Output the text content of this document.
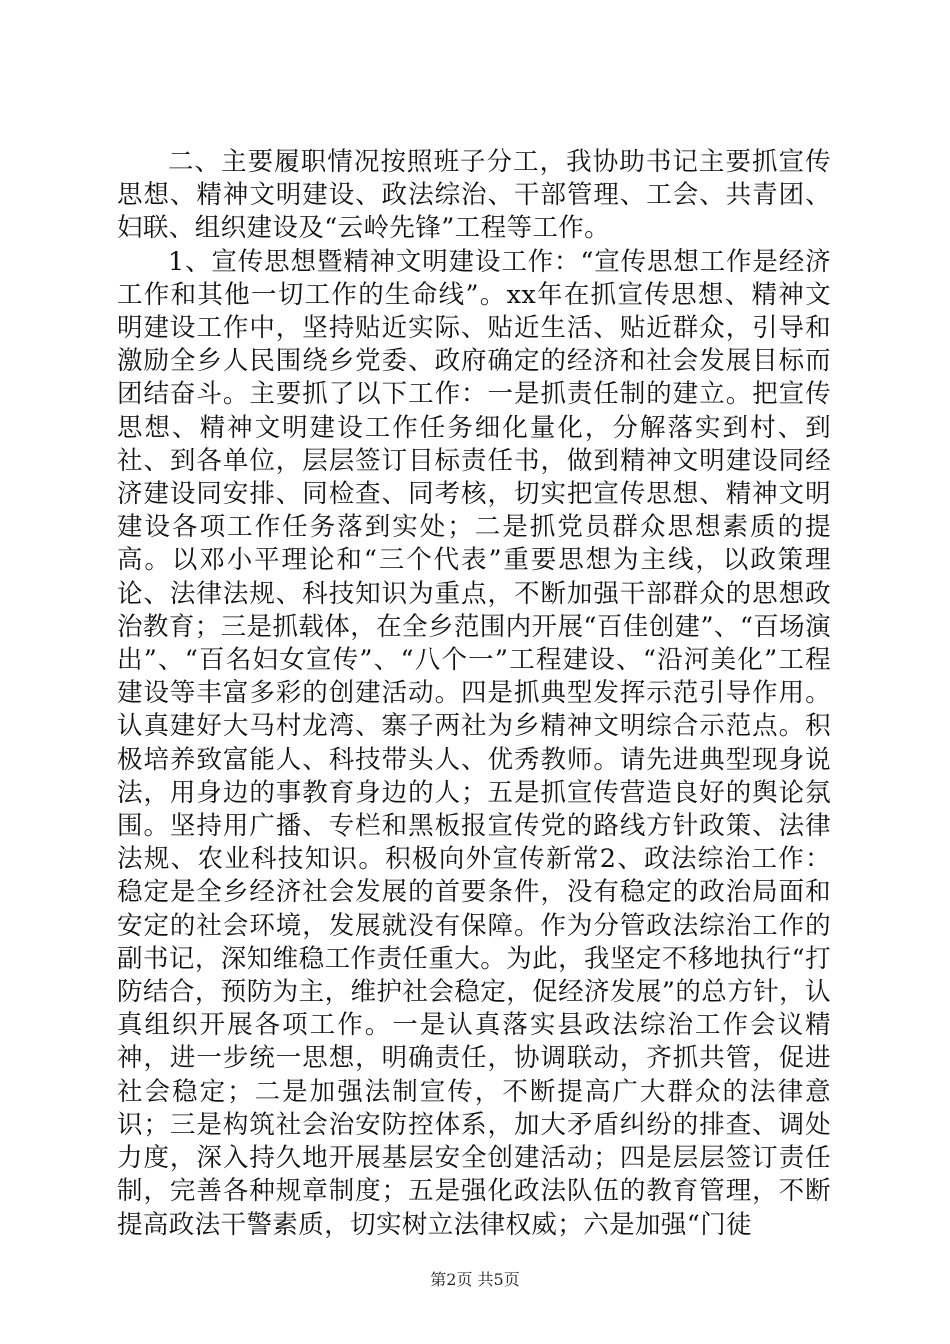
二、主要履职情况按照班子分工，我协助书记主要抓宣传思想、精神文明建设、政法综治、干部管理、工会、共青团、妇联、组织建设及“云岭先锋”工程等工作。

1、宣传思想暨精神文明建设工作：“宣传思想工作是经济工作和其他一切工作的生命线”。xx年在抓宣传思想、精神文明建设工作中，坚持贴近实际、贴近生活、贴近群众，引导和激励全乡人民围绕乡党委、政府确定的经济和社会发展目标而团结奋斗。主要抓了以下工作：一是抓责任制的建立。把宣传思想、精神文明建设工作任务细化量化，分解落实到村、到社、到各单位，层层签订目标责任书，做到精神文明建设同经济建设同安排、同检查、同考核，切实把宣传思想、精神文明建设各项工作任务落到实处；二是抓党员群众思想素质的提高。以邓小平理论和“三个代表”重要思想为主线，以政策理论、法律法规、科技知识为重点，不断加强干部群众的思想政治教育；三是抓载体，在全乡范围内开展“百佳创建”、“百场演出”、“百名妇女宣传”、“八个一”工程建设、“沿河美化”工程建设等丰富多彩的创建活动。四是抓典型发挥示范引导作用。认真建好大马村龙湾、寨子两社为乡精神文明综合示范点。积极培养致富能人、科技带头人、优秀教师。请先进典型现身说法，用身边的事教育身边的人；五是抓宣传营造良好的舆论氛围。坚持用广播、专栏和黑板报宣传党的路线方针政策、法律法规、农业科技知识。积极向外宣传新常2、政法综治工作：稳定是全乡经济社会发展的首要条件，没有稳定的政治局面和安定的社会环境，发展就没有保障。作为分管政法综治工作的副书记，深知维稳工作责任重大。为此，我坚定不移地执行“打防结合，预防为主，维护社会稳定，促经济发展”的总方针，认真组织开展各项工作。一是认真落实县政法综治工作会议精神，进一步统一思想，明确责任，协调联动，齐抓共管，促进社会稳定；二是加强法制宣传，不断提高广大群众的法律意识；三是构筑社会治安防控体系，加大矛盾纠纷的排查、调处力度，深入持久地开展基层安全创建活动；四是层层签订责任制，完善各种规章制度；五是强化政法队伍的教育管理，不断提高政法干警素质，切实树立法律权威；六是加强“门徒

第2页 共5页
